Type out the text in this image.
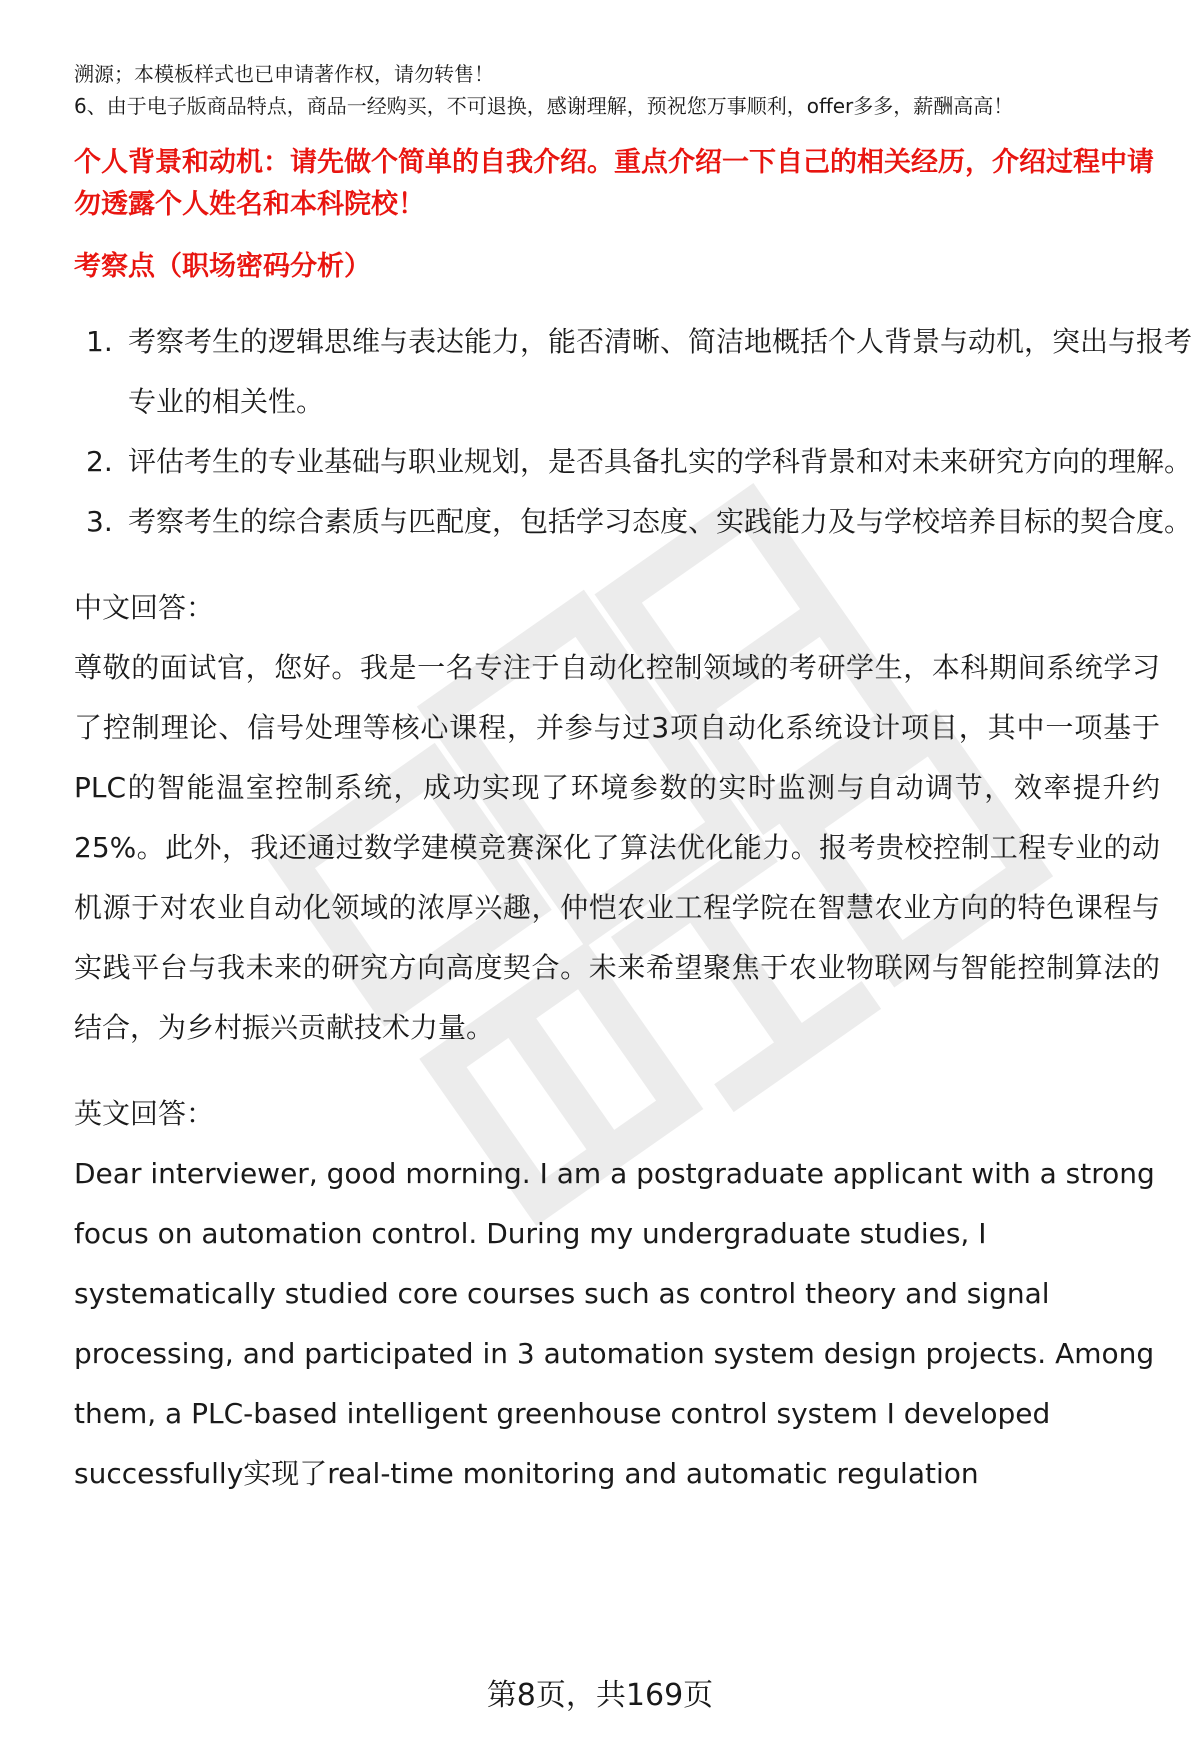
溯源；本模板样式也已申请著作权，请勿转售！

6、由于电子版商品特点，商品一经购买，不可退换，感谢理解，预祝您万事顺利，offer多多，薪酬高高！

个人背景和动机：请先做个简单的自我介绍。重点介绍一下自己的相关经历，介绍过程中请勿透露个人姓名和本科院校！

考察点（职场密码分析）

1. 考察考生的逻辑思维与表达能力，能否清晰、简洁地概括个人背景与动机，突出与报考专业的相关性。
2. 评估考生的专业基础与职业规划，是否具备扎实的学科背景和对未来研究方向的理解。
3. 考察考生的综合素质与匹配度，包括学习态度、实践能力及与学校培养目标的契合度。

中文回答：

尊敬的面试官，您好。我是一名专注于自动化控制领域的考研学生，本科期间系统学习了控制理论、信号处理等核心课程，并参与过3项自动化系统设计项目，其中一项基于PLC的智能温室控制系统，成功实现了环境参数的实时监测与自动调节，效率提升约25%。此外，我还通过数学建模竞赛深化了算法优化能力。报考贵校控制工程专业的动机源于对农业自动化领域的浓厚兴趣，仲恺农业工程学院在智慧农业方向的特色课程与实践平台与我未来的研究方向高度契合。未来希望聚焦于农业物联网与智能控制算法的结合，为乡村振兴贡献技术力量。

英文回答：

Dear interviewer, good morning. I am a postgraduate applicant with a strong focus on automation control. During my undergraduate studies, I systematically studied core courses such as control theory and signal processing, and participated in 3 automation system design projects. Among them, a PLC-based intelligent greenhouse control system I developed successfully实现了real-time monitoring and automatic regulation

第8页，共169页
